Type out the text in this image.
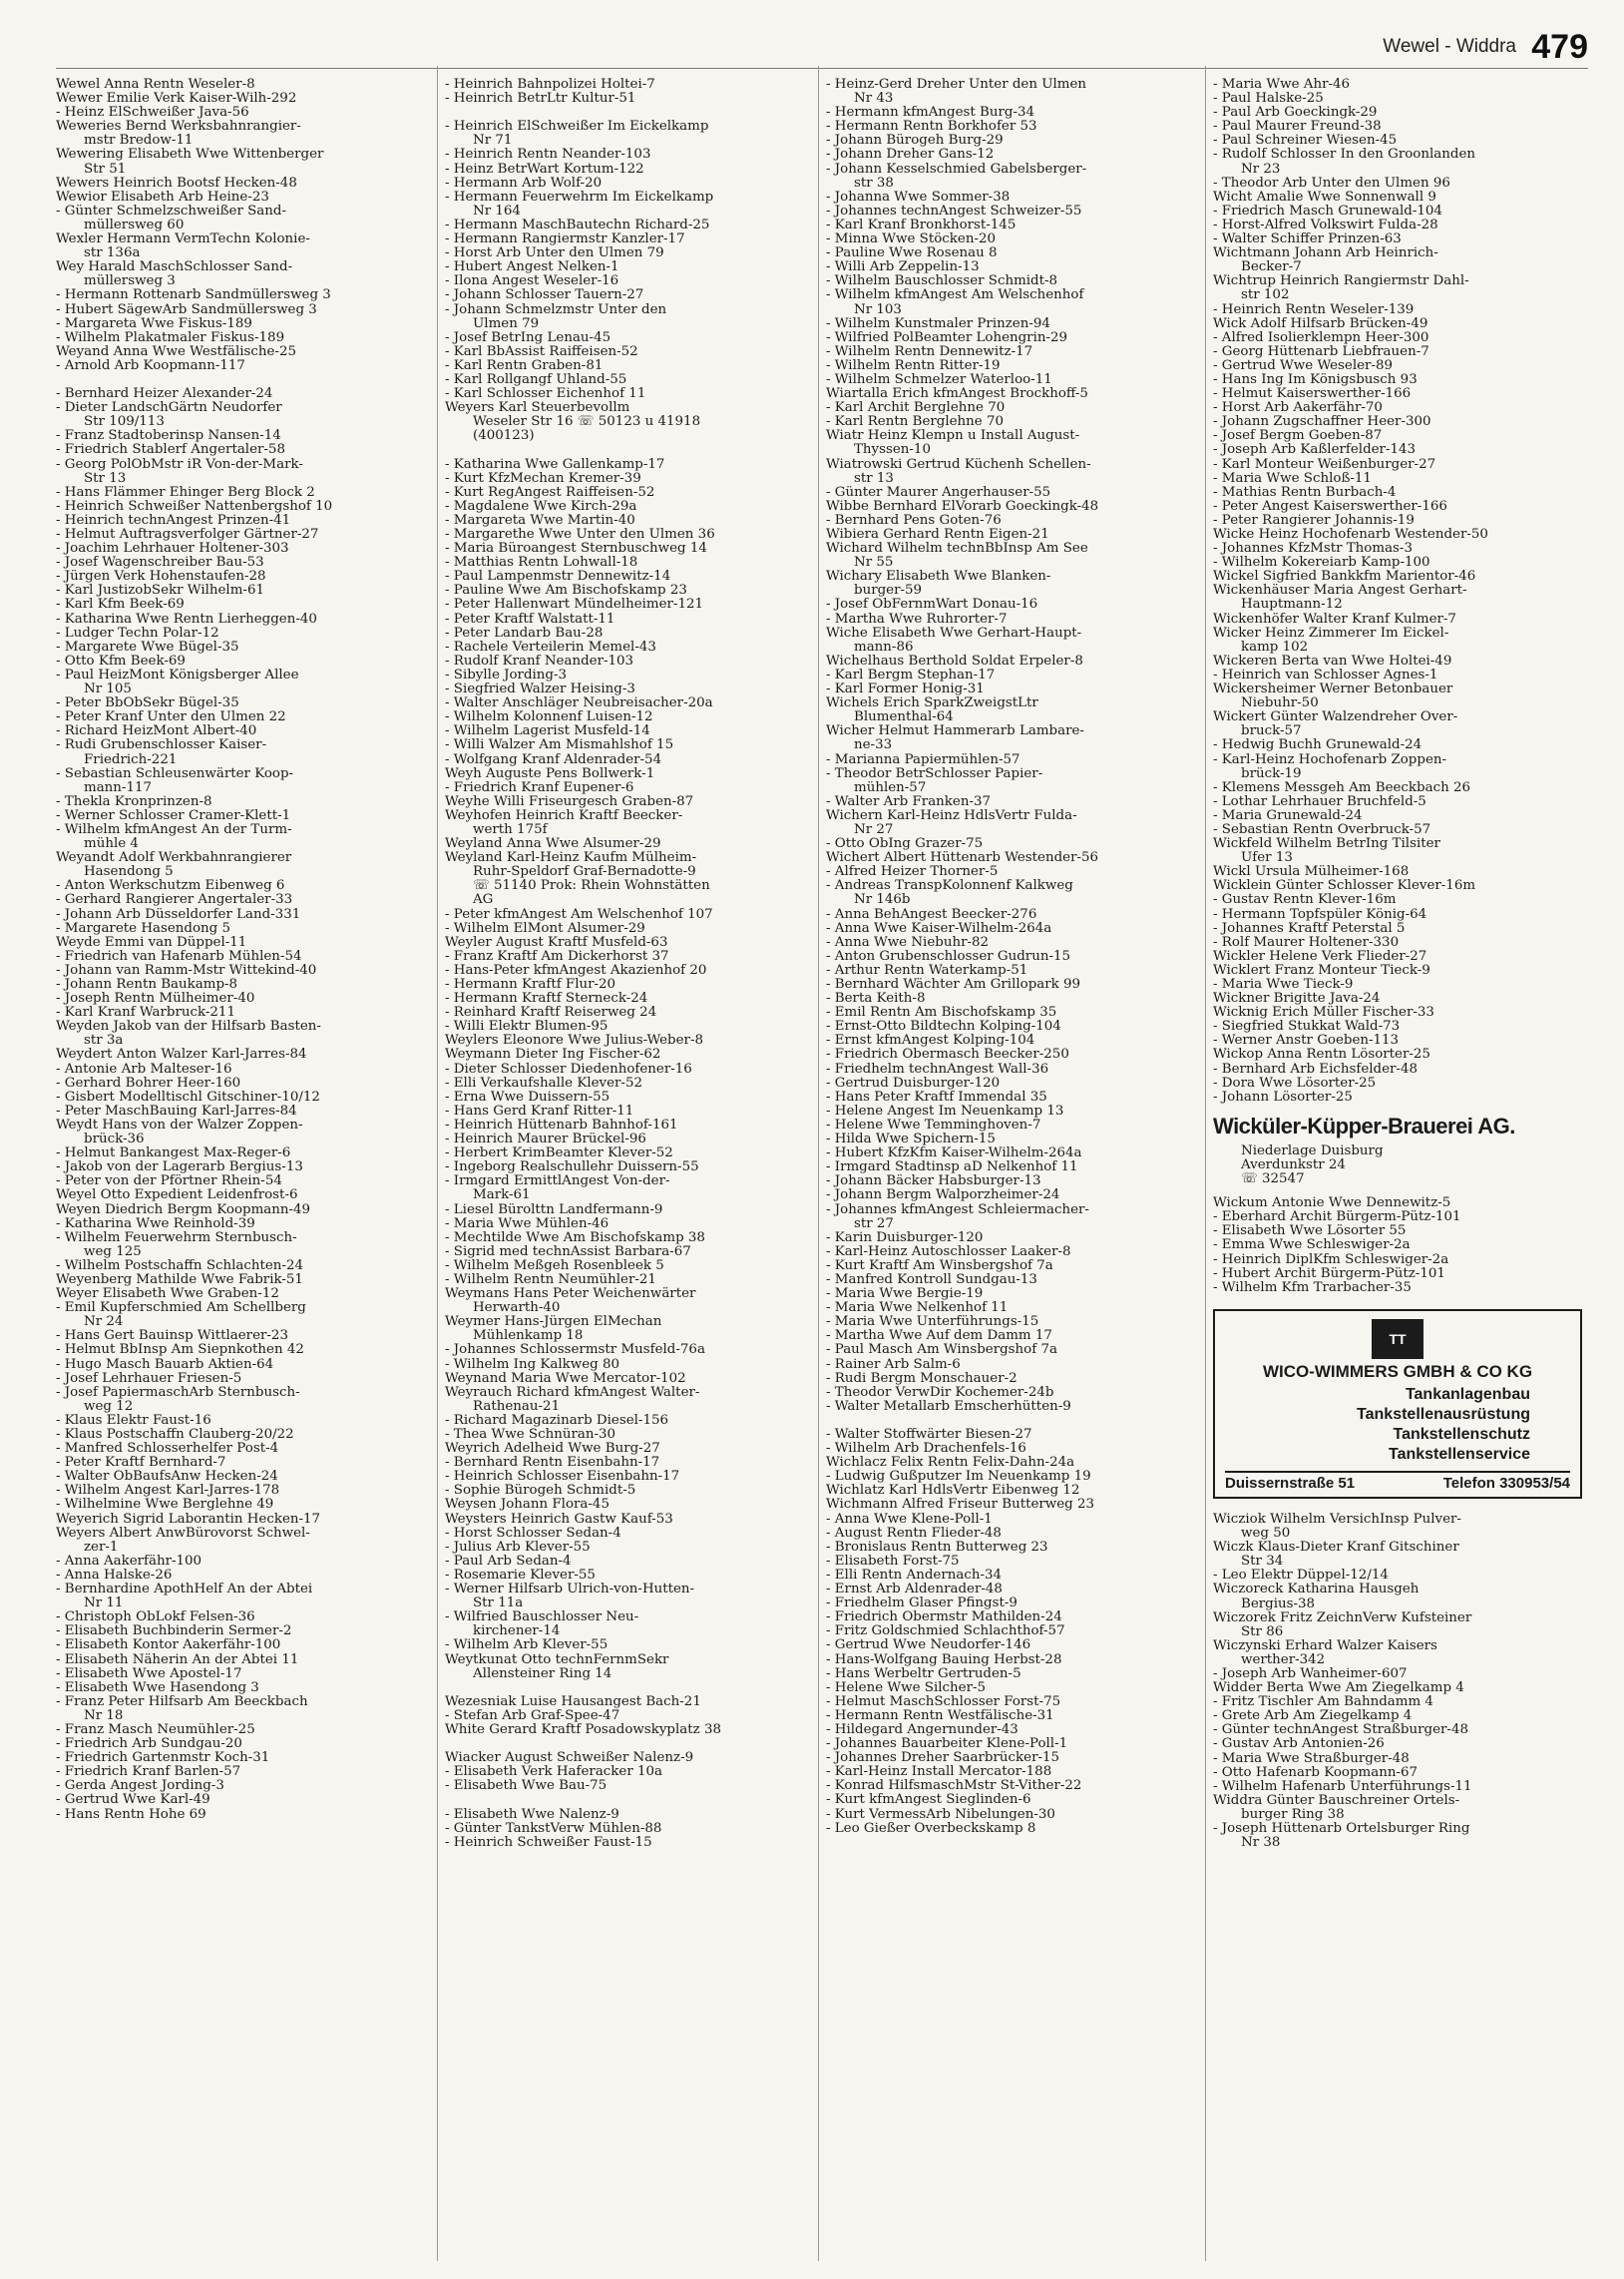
Wewel - Widdra 479
Wewel Anna Rentn Weseler-8
Wewer Emilie Verk Kaiser-Wilh-292
- Heinz ElSchweißer Java-56
Weweries Bernd Werksbahnrangier-
mstr Bredow-11
Wewering Elisabeth Wwe Wittenberger
Str 51
Wewers Heinrich Bootsf Hecken-48
Wewior Elisabeth Arb Heine-23
- Günter Schmelzschweißer Sand-
müllersweg 60
Wexler Hermann VermTechn Kolonie-
str 136a
Wey Harald MaschSchlosser Sand-
müllersweg 3
- Hermann Rottenarb Sandmüllersweg 3
- Hubert SägewArb Sandmüllersweg 3
- Margareta Wwe Fiskus-189
- Wilhelm Plakatmaler Fiskus-189
Weyand Anna Wwe Westfälische-25
- Arnold Arb Koopmann-117

- Bernhard Heizer Alexander-24
- Dieter LandschGärtn Neudorfer
Str 109/113
- Franz Stadtoberinsp Nansen-14
- Friedrich Stablerf Angertaler-58
- Georg PolObMstr iR Von-der-Mark-
Str 13
- Hans Flämmer Ehinger Berg Block 2
- Heinrich Schweißer Nattenbergshof 10
- Heinrich technAngest Prinzen-41
- Helmut Auftragsverfolger Gärtner-27
- Joachim Lehrhauer Holtener-303
- Josef Wagenschreiber Bau-53
- Jürgen Verk Hohenstaufen-28
- Karl JustizobSekr Wilhelm-61
- Karl Kfm Beek-69
- Katharina Wwe Rentn Lierheggen-40
- Ludger Techn Polar-12
- Margarete Wwe Bügel-35
- Otto Kfm Beek-69
- Paul HeizMont Königsberger Allee
Nr 105
- Peter BbObSekr Bügel-35
- Peter Kranf Unter den Ulmen 22
- Richard HeizMont Albert-40
- Rudi Grubenschlosser Kaiser-
Friedrich-221
- Sebastian Schleusenwärter Koop-
mann-117
- Thekla Kronprinzen-8
- Werner Schlosser Cramer-Klett-1
- Wilhelm kfmAngest An der Turm-
mühle 4
Weyandt Adolf Werkbahnrangierer
Hasendong 5
- Anton Werkschutzm Eibenweg 6
- Gerhard Rangierer Angertaler-33
- Johann Arb Düsseldorfer Land-331
- Margarete Hasendong 5
Weyde Emmi van Düppel-11
- Friedrich van Hafenarb Mühlen-54
- Johann van Ramm-Mstr Wittekind-40
- Johann Rentn Baukamp-8
- Joseph Rentn Mülheimer-40
- Karl Kranf Warbruck-211
Weyden Jakob van der Hilfsarb Basten-
str 3a
Weydert Anton Walzer Karl-Jarres-84
- Antonie Arb Malteser-16
- Gerhard Bohrer Heer-160
- Gisbert Modelltischl Gitschiner-10/12
- Peter MaschBauing Karl-Jarres-84
Weydt Hans von der Walzer Zoppen-
brück-36
- Helmut Bankangest Max-Reger-6
- Jakob von der Lagerarb Bergius-13
- Peter von der Pförtner Rhein-54
Weyel Otto Expedient Leidenfrost-6
Weyen Diedrich Bergm Koopmann-49
- Katharina Wwe Reinhold-39
- Wilhelm Feuerwehrm Sternbusch-
weg 125
- Wilhelm Postschaffn Schlachten-24
Weyenberg Mathilde Wwe Fabrik-51
Weyer Elisabeth Wwe Graben-12
- Emil Kupferschmied Am Schellberg
Nr 24
- Hans Gert Bauinsp Wittlaerer-23
- Helmut BbInsp Am Siepnkothen 42
- Hugo Masch Bauarb Aktien-64
- Josef Lehrhauer Friesen-5
- Josef PapiermaschArb Sternbusch-
weg 12
- Klaus Elektr Faust-16
- Klaus Postschaffn Clauberg-20/22
- Manfred Schlosserhelfer Post-4
- Peter Kraftf Bernhard-7
- Walter ObBaufsAnw Hecken-24
- Wilhelm Angest Karl-Jarres-178
- Wilhelmine Wwe Berglehne 49
Weyerich Sigrid Laborantin Hecken-17
Weyers Albert AnwBürovorst Schwel-
zer-1
- Anna Aakerfähr-100
- Anna Halske-26
- Bernhardine ApothHelf An der Abtei
Nr 11
- Christoph ObLokf Felsen-36
- Elisabeth Buchbinderin Sermer-2
- Elisabeth Kontor Aakerfähr-100
- Elisabeth Näherin An der Abtei 11
- Elisabeth Wwe Apostel-17
- Elisabeth Wwe Hasendong 3
- Franz Peter Hilfsarb Am Beeckbach
Nr 18
- Franz Masch Neumühler-25
- Friedrich Arb Sundgau-20
- Friedrich Gartenmstr Koch-31
- Friedrich Kranf Barlen-57
- Gerda Angest Jording-3
- Gertrud Wwe Karl-49
- Hans Rentn Hohe 69
- Heinrich Bahnpolizei Holtei-7
- Heinrich BetrLtr Kultur-51

- Heinrich ElSchweißer Im Eickelkamp
Nr 71
- Heinrich Rentn Neander-103
- Heinz BetrWart Kortum-122
- Hermann Arb Wolf-20
- Hermann Feuerwehrm Im Eickelkamp
Nr 164
- Hermann MaschBautechn Richard-25
- Hermann Rangiermstr Kanzler-17
- Horst Arb Unter den Ulmen 79
- Hubert Angest Nelken-1
- Ilona Angest Weseler-16
- Johann Schlosser Tauern-27
- Johann Schmelzmstr Unter den
Ulmen 79
- Josef BetrIng Lenau-45
- Karl BbAssist Raiffeisen-52
- Karl Rentn Graben-81
- Karl Rollgangf Uhland-55
- Karl Schlosser Eichenhof 11
Weyers Karl Steuerbevollm
Weseler Str 16 ☏ 50123 u 41918
(400123)

- Katharina Wwe Gallenkamp-17
- Kurt KfzMechan Kremer-39
- Kurt RegAngest Raiffeisen-52
- Magdalene Wwe Kirch-29a
- Margareta Wwe Martin-40
- Margarethe Wwe Unter den Ulmen 36
- Maria Büroangest Sternbuschweg 14
- Matthias Rentn Lohwall-18
- Paul Lampenmstr Dennewitz-14
- Pauline Wwe Am Bischofskamp 23
- Peter Hallenwart Mündelheimer-121
- Peter Kraftf Walstatt-11
- Peter Landarb Bau-28
- Rachele Verteilerin Memel-43
- Rudolf Kranf Neander-103
- Sibylle Jording-3
- Siegfried Walzer Heising-3
- Walter Anschläger Neubreisacher-20a
- Wilhelm Kolonnenf Luisen-12
- Wilhelm Lagerist Musfeld-14
- Willi Walzer Am Mismahlshof 15
- Wolfgang Kranf Aldenrader-54
Weyh Auguste Pens Bollwerk-1
- Friedrich Kranf Eupener-6
Weyhe Willi Friseurgesch Graben-87
Weyhofen Heinrich Kraftf Beecker-
werth 175f
Weyland Anna Wwe Alsumer-29
Weyland Karl-Heinz Kaufm Mülheim-
Ruhr-Speldorf Graf-Bernadotte-9
☏ 51140 Prok: Rhein Wohnstätten
AG
- Peter kfmAngest Am Welschenhof 107
- Wilhelm ElMont Alsumer-29
Weyler August Kraftf Musfeld-63
- Franz Kraftf Am Dickerhorst 37
- Hans-Peter kfmAngest Akazienhof 20
- Hermann Kraftf Flur-20
- Hermann Kraftf Sterneck-24
- Reinhard Kraftf Reiserweg 24
- Willi Elektr Blumen-95
Weylers Eleonore Wwe Julius-Weber-8
Weymann Dieter Ing Fischer-62
- Dieter Schlosser Diedenhofener-16
- Elli Verkaufshalle Klever-52
- Erna Wwe Duissern-55
- Hans Gerd Kranf Ritter-11
- Heinrich Hüttenarb Bahnhof-161
- Heinrich Maurer Brückel-96
- Herbert KrimBeamter Klever-52
- Ingeborg Realschullehr Duissern-55
- Irmgard ErmittlAngest Von-der-
Mark-61
- Liesel Bürolttn Landfermann-9
- Maria Wwe Mühlen-46
- Mechtilde Wwe Am Bischofskamp 38
- Sigrid med technAssist Barbara-67
- Wilhelm Meßgeh Rosenbleek 5
- Wilhelm Rentn Neumühler-21
Weymans Hans Peter Weichenwärter
Herwarth-40
Weymer Hans-Jürgen ElMechan
Mühlenkamp 18
- Johannes Schlossermstr Musfeld-76a
- Wilhelm Ing Kalkweg 80
Weynand Maria Wwe Mercator-102
Weyrauch Richard kfmAngest Walter-
Rathenau-21
- Richard Magazinarb Diesel-156
- Thea Wwe Schnüran-30
Weyrich Adelheid Wwe Burg-27
- Bernhard Rentn Eisenbahn-17
- Heinrich Schlosser Eisenbahn-17
- Sophie Bürogeh Schmidt-5
Weysen Johann Flora-45
Weysters Heinrich Gastw Kauf-53
- Horst Schlosser Sedan-4
- Julius Arb Klever-55
- Paul Arb Sedan-4
- Rosemarie Klever-55
- Werner Hilfsarb Ulrich-von-Hutten-
Str 11a
- Wilfried Bauschlosser Neu-
kirchener-14
- Wilhelm Arb Klever-55
Weytkunat Otto technFernmSekr
Allensteiner Ring 14

Wezesniak Luise Hausangest Bach-21
- Stefan Arb Graf-Spee-47
White Gerard Kraftf Posadowskyplatz 38

Wiacker August Schweißer Nalenz-9
- Elisabeth Verk Haferacker 10a
- Elisabeth Wwe Bau-75

- Elisabeth Wwe Nalenz-9
- Günter TankstVerw Mühlen-88
- Heinrich Schweißer Faust-15
- Heinz-Gerd Dreher Unter den Ulmen
Nr 43
- Hermann kfmAngest Burg-34
- Hermann Rentn Borkhofer 53
- Johann Bürogeh Burg-29
- Johann Dreher Gans-12
- Johann Kesselschmied Gabelsberger-
str 38
- Johanna Wwe Sommer-38
- Johannes technAngest Schweizer-55
- Karl Kranf Bronkhorst-145
- Minna Wwe Stöcken-20
- Pauline Wwe Rosenau 8
- Willi Arb Zeppelin-13
- Wilhelm Bauschlosser Schmidt-8
- Wilhelm kfmAngest Am Welschenhof
Nr 103
- Wilhelm Kunstmaler Prinzen-94
- Wilfried PolBeamter Lohengrin-29
- Wilhelm Rentn Dennewitz-17
- Wilhelm Rentn Ritter-19
- Wilhelm Schmelzer Waterloo-11
Wiartalla Erich kfmAngest Brockhoff-5
- Karl Archit Berglehne 70
- Karl Rentn Berglehne 70
Wiatr Heinz Klempn u Install August-
Thyssen-10
Wiatrowski Gertrud Küchenh Schellen-
str 13
- Günter Maurer Angerhauser-55
Wibbe Bernhard ElVorarb Goeckingk-48
- Bernhard Pens Goten-76
Wibiera Gerhard Rentn Eigen-21
Wichard Wilhelm technBbInsp Am See
Nr 55
Wichary Elisabeth Wwe Blanken-
burger-59
- Josef ObFernmWart Donau-16
- Martha Wwe Ruhrorter-7
Wiche Elisabeth Wwe Gerhart-Haupt-
mann-86
Wichelhaus Berthold Soldat Erpeler-8
- Karl Bergm Stephan-17
- Karl Former Honig-31
Wichels Erich SparkZweigstLtr
Blumenthal-64
Wicher Helmut Hammerarb Lambare-
ne-33
- Marianna Papiermühlen-57
- Theodor BetrSchlosser Papier-
mühlen-57
- Walter Arb Franken-37
Wichern Karl-Heinz HdlsVertr Fulda-
Nr 27
- Otto ObIng Grazer-75
Wichert Albert Hüttenarb Westender-56
- Alfred Heizer Thorner-5
- Andreas TranspKolonnenf Kalkweg
Nr 146b
- Anna BehAngest Beecker-276
- Anna Wwe Kaiser-Wilhelm-264a
- Anna Wwe Niebuhr-82
- Anton Grubenschlosser Gudrun-15
- Arthur Rentn Waterkamp-51
- Bernhard Wächter Am Grillopark 99
- Berta Keith-8
- Emil Rentn Am Bischofskamp 35
- Ernst-Otto Bildtechn Kolping-104
- Ernst kfmAngest Kolping-104
- Friedrich Obermasch Beecker-250
- Friedhelm technAngest Wall-36
- Gertrud Duisburger-120
- Hans Peter Kraftf Immendal 35
- Helene Angest Im Neuenkamp 13
- Helene Wwe Temminghoven-7
- Hilda Wwe Spichern-15
- Hubert KfzKfm Kaiser-Wilhelm-264a
- Irmgard Stadtinsp aD Nelkenhof 11
- Johann Bäcker Habsburger-13
- Johann Bergm Walporzheimer-24
- Johannes kfmAngest Schleiermacher-
str 27
- Karin Duisburger-120
- Karl-Heinz Autoschlosser Laaker-8
- Kurt Kraftf Am Winsbergshof 7a
- Manfred Kontroll Sundgau-13
- Maria Wwe Bergie-19
- Maria Wwe Nelkenhof 11
- Maria Wwe Unterführungs-15
- Martha Wwe Auf dem Damm 17
- Paul Masch Am Winsbergshof 7a
- Rainer Arb Salm-6
- Rudi Bergm Monschauer-2
- Theodor VerwDir Kochemer-24b
- Walter Metallarb Emscherhütten-9

- Walter Stoffwärter Biesen-27
- Wilhelm Arb Drachenfels-16
Wichlacz Felix Rentn Felix-Dahn-24a
- Ludwig Gußputzer Im Neuenkamp 19
Wichlatz Karl HdlsVertr Eibenweg 12
Wichmann Alfred Friseur Butterweg 23
- Anna Wwe Klene-Poll-1
- August Rentn Flieder-48
- Bronislaus Rentn Butterweg 23
- Elisabeth Forst-75
- Elli Rentn Andernach-34
- Ernst Arb Aldenrader-48
- Friedhelm Glaser Pfingst-9
- Friedrich Obermstr Mathilden-24
- Fritz Goldschmied Schlachthof-57
- Gertrud Wwe Neudorfer-146
- Hans-Wolfgang Bauing Herbst-28
- Hans Werbeltr Gertruden-5
- Helene Wwe Silcher-5
- Helmut MaschSchlosser Forst-75
- Hermann Rentn Westfälische-31
- Hildegard Angernunder-43
- Johannes Bauarbeiter Klene-Poll-1
- Johannes Dreher Saarbrücker-15
- Karl-Heinz Install Mercator-188
- Konrad HilfsmaschMstr St-Vither-22
- Kurt kfmAngest Sieglinden-6
- Kurt VermessArb Nibelungen-30
- Leo Gießer Overbeckskamp 8
- Maria Wwe Ahr-46
- Paul Halske-25
- Paul Arb Goeckingk-29
- Paul Maurer Freund-38
- Paul Schreiner Wiesen-45
- Rudolf Schlosser In den Groonlanden
Nr 23
- Theodor Arb Unter den Ulmen 96
Wicht Amalie Wwe Sonnenwall 9
- Friedrich Masch Grunewald-104
- Horst-Alfred Volkswirt Fulda-28
- Walter Schiffer Prinzen-63
Wichtmann Johann Arb Heinrich-
Becker-7
Wichtrup Heinrich Rangiermstr Dahl-
str 102
- Heinrich Rentn Weseler-139
Wick Adolf Hilfsarb Brücken-49
- Alfred Isolierklempn Heer-300
- Georg Hüttenarb Liebfrauen-7
- Gertrud Wwe Weseler-89
- Hans Ing Im Königsbusch 93
- Helmut Kaiserswerther-166
- Horst Arb Aakerfähr-70
- Johann Zugschaffner Heer-300
- Josef Bergm Goeben-87
- Joseph Arb Kaßlerfelder-143
- Karl Monteur Weißenburger-27
- Maria Wwe Schloß-11
- Mathias Rentn Burbach-4
- Peter Angest Kaiserswerther-166
- Peter Rangierer Johannis-19
Wicke Heinz Hochofenarb Westender-50
- Johannes KfzMstr Thomas-3
- Wilhelm Kokereiarb Kamp-100
Wickel Sigfried Bankkfm Marientor-46
Wickenhäuser Maria Angest Gerhart-
Hauptmann-12
Wickenhöfer Walter Kranf Kulmer-7
Wicker Heinz Zimmerer Im Eickel-
kamp 102
Wickeren Berta van Wwe Holtei-49
- Heinrich van Schlosser Agnes-1
Wickersheimer Werner Betonbauer
Niebuhr-50
Wickert Günter Walzendreher Over-
bruck-57
- Hedwig Buchh Grunewald-24
- Karl-Heinz Hochofenarb Zoppen-
brück-19
- Klemens Messgeh Am Beeckbach 26
- Lothar Lehrhauer Bruchfeld-5
- Maria Grunewald-24
- Sebastian Rentn Overbruck-57
Wickfeld Wilhelm BetrIng Tilsiter
Ufer 13
Wickl Ursula Mülheimer-168
Wicklein Günter Schlosser Klever-16m
- Gustav Rentn Klever-16m
- Hermann Topfspüler König-64
- Johannes Kraftf Peterstal 5
- Rolf Maurer Holtener-330
Wickler Helene Verk Flieder-27
Wicklert Franz Monteur Tieck-9
- Maria Wwe Tieck-9
Wickner Brigitte Java-24
Wicknig Erich Müller Fischer-33
- Siegfried Stukkat Wald-73
- Werner Anstr Goeben-113
Wickop Anna Rentn Lösorter-25
- Bernhard Arb Eichsfelder-48
- Dora Wwe Lösorter-25
- Johann Lösorter-25
Wicküler-Küpper-Brauerei AG.
Niederlage Duisburg
Averdunkstr 24
☏ 32547
Wickum Antonie Wwe Dennewitz-5
- Eberhard Archit Bürgerm-Pütz-101
- Elisabeth Wwe Lösorter 55
- Emma Wwe Schleswiger-2a
- Heinrich DiplKfm Schleswiger-2a
- Hubert Archit Bürgerm-Pütz-101
- Wilhelm Kfm Trarbacher-35
TT
WICO-WIMMERS GMBH & CO KG
Tankanlagenbau
Tankstellenausrüstung
Tankstellenschutz
Tankstellenservice
Duissernstraße 51	Telefon 330953/54
Wicziok Wilhelm VersichInsp Pulver-
weg 50
Wiczk Klaus-Dieter Kranf Gitschiner
Str 34
- Leo Elektr Düppel-12/14
Wiczoreck Katharina Hausgeh
Bergius-38
Wiczorek Fritz ZeichnVerw Kufsteiner
Str 86
Wiczynski Erhard Walzer Kaisers
werther-342
- Joseph Arb Wanheimer-607
Widder Berta Wwe Am Ziegelkamp 4
- Fritz Tischler Am Bahndamm 4
- Grete Arb Am Ziegelkamp 4
- Günter technAngest Straßburger-48
- Gustav Arb Antonien-26
- Maria Wwe Straßburger-48
- Otto Hafenarb Koopmann-67
- Wilhelm Hafenarb Unterführungs-11
Widdra Günter Bauschreiner Ortels-
burger Ring 38
- Joseph Hüttenarb Ortelsburger Ring
Nr 38
